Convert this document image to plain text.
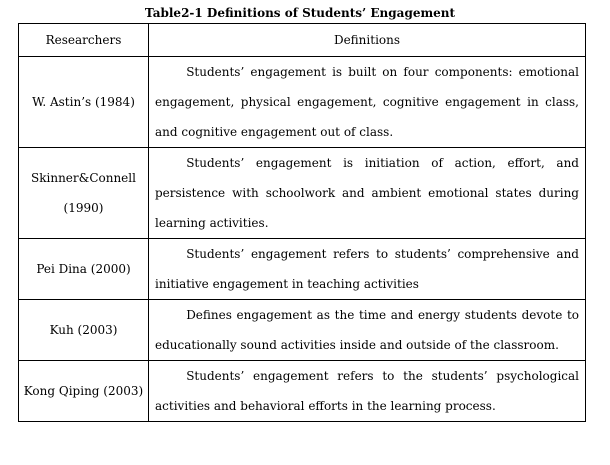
Table2-1 Definitions of Students’ Engagement
Researchers	Definitions
W. Astin’s (1984)	Students’ engagement is built on four components: emotional engagement, physical engagement, cognitive engagement in class, and cognitive engagement out of class.

Skinner&Connell (1990)	Students’ engagement is initiation of action, effort, and persistence with schoolwork and ambient emotional states during learning activities.

Pei Dina (2000)	Students’ engagement refers to students’ comprehensive and initiative engagement in teaching activities

Kuh (2003)	Defines engagement as the time and energy students devote to educationally sound activities inside and outside of the classroom.

Kong Qiping (2003)	Students’ engagement refers to the students’ psychological activities and behavioral efforts in the learning process.
